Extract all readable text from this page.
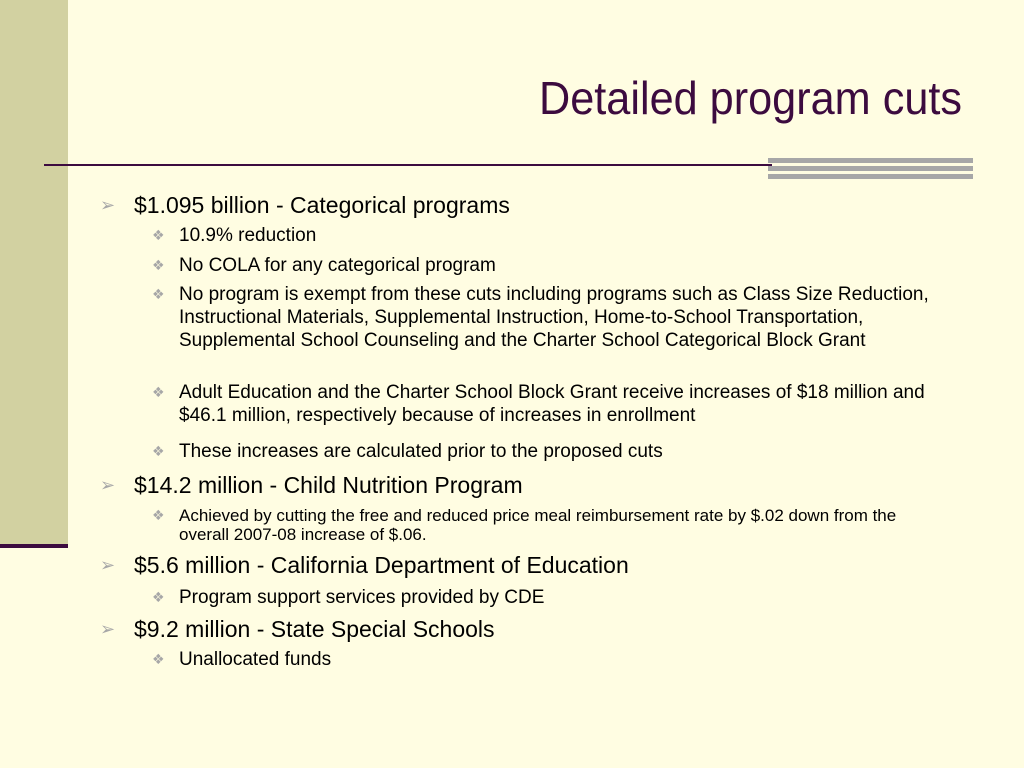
Detailed program cuts
➢ $1.095 billion - Categorical programs
❖ 10.9% reduction
❖ No COLA for any categorical program
❖ No program is exempt from these cuts including programs such as Class Size Reduction, Instructional Materials, Supplemental Instruction, Home-to-School Transportation, Supplemental School Counseling and the Charter School Categorical Block Grant
❖ Adult Education and the Charter School Block Grant receive increases of $18 million and $46.1 million, respectively because of increases in enrollment
❖ These increases are calculated prior to the proposed cuts
➢ $14.2 million - Child Nutrition Program
❖ Achieved by cutting the free and reduced price meal reimbursement rate by $.02 down from the overall 2007-08 increase of $.06.
➢ $5.6 million - California Department of Education
❖ Program support services provided by CDE
➢ $9.2 million - State Special Schools
❖ Unallocated funds
